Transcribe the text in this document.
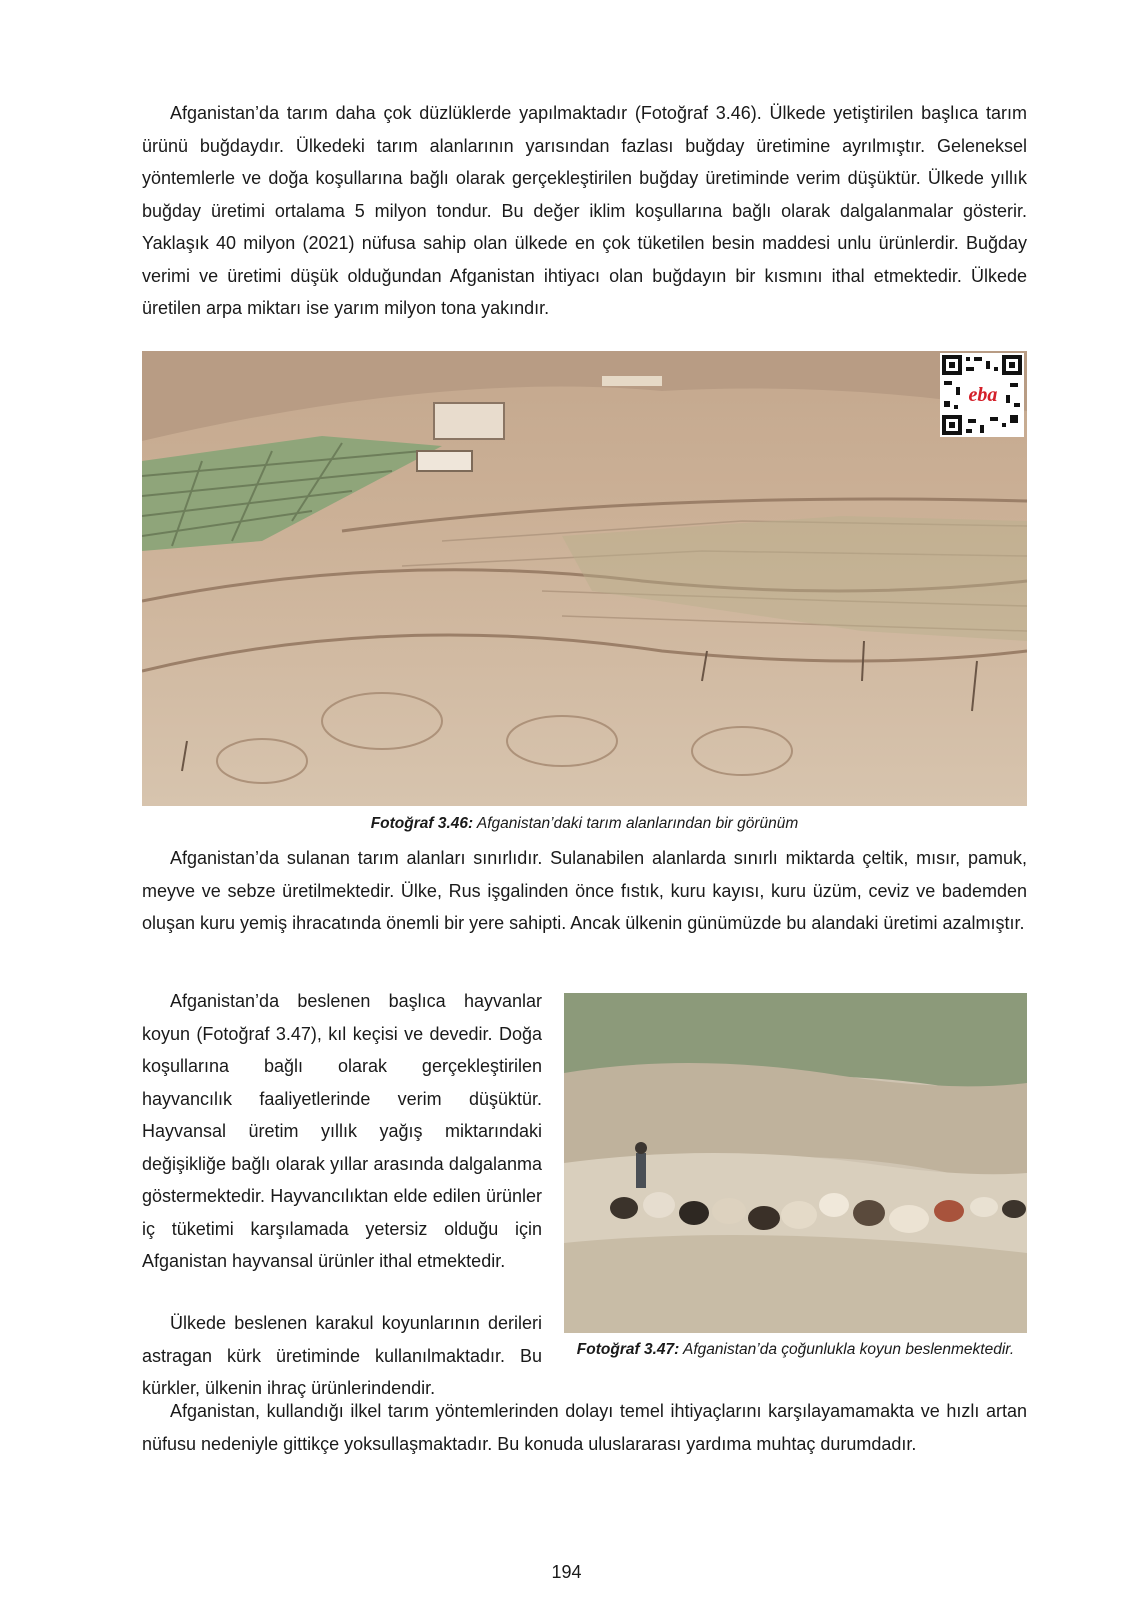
Afganistan’da tarım daha çok düzlüklerde yapılmaktadır (Fotoğraf 3.46). Ülkede yetiştirilen başlıca tarım ürünü buğdaydır. Ülkedeki tarım alanlarının yarısından fazlası buğday üretimine ayrılmıştır. Geleneksel yöntemlerle ve doğa koşullarına bağlı olarak gerçekleştirilen buğday üretiminde verim düşüktür. Ülkede yıllık buğday üretimi ortalama 5 milyon tondur. Bu değer iklim koşullarına bağlı olarak dalgalanmalar gösterir. Yaklaşık 40 milyon (2021) nüfusa sahip olan ülkede en çok tüketilen besin maddesi unlu ürünlerdir. Buğday verimi ve üretimi düşük olduğundan Afganistan ihtiyacı olan buğdayın bir kısmını ithal etmektedir. Ülkede üretilen arpa miktarı ise yarım milyon tona yakındır.

eba
Fotoğraf 3.46: Afganistan’daki tarım alanlarından bir görünüm

Afganistan’da sulanan tarım alanları sınırlıdır. Sulanabilen alanlarda sınırlı miktarda çeltik, mısır, pamuk, meyve ve sebze üretilmektedir. Ülke, Rus işgalinden önce fıstık, kuru kayısı, kuru üzüm, ceviz ve bademden oluşan kuru yemiş ihracatında önemli bir yere sahipti. Ancak ülkenin günümüzde bu alandaki üretimi azalmıştır.

Afganistan’da beslenen başlıca hayvanlar koyun (Fotoğraf 3.47), kıl keçisi ve devedir. Doğa koşullarına bağlı olarak gerçekleştirilen hayvancılık faaliyetlerinde verim düşüktür. Hayvansal üretim yıllık yağış miktarındaki değişikliğe bağlı olarak yıllar arasında dalgalanma göstermektedir. Hayvancılıktan elde edilen ürünler iç tüketimi karşılamada yetersiz olduğu için Afganistan hayvansal ürünler ithal etmektedir.

Ülkede beslenen karakul koyunlarının derileri astragan kürk üretiminde kullanılmaktadır. Bu kürkler, ülkenin ihraç ürünlerindendir.

Fotoğraf 3.47: Afganistan’da çoğunlukla koyun beslenmektedir.

Afganistan, kullandığı ilkel tarım yöntemlerinden dolayı temel ihtiyaçlarını karşılayamamakta ve hızlı artan nüfusu nedeniyle gittikçe yoksullaşmaktadır. Bu konuda uluslararası yardıma muhtaç durumdadır.

194
